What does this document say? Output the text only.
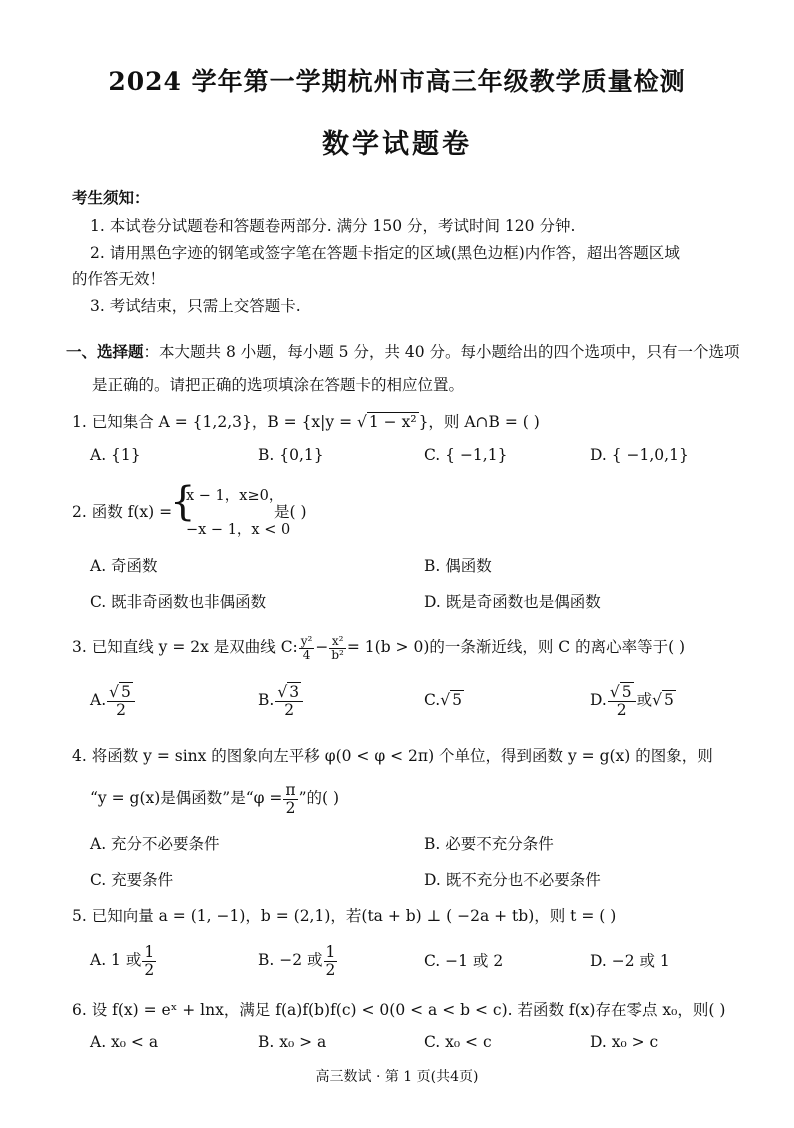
2024 学年第一学期杭州市高三年级教学质量检测
数学试题卷
考生须知：
1. 本试卷分试题卷和答题卷两部分. 满分 150 分，考试时间 120 分钟.
2. 请用黑色字迹的钢笔或签字笔在答题卡指定的区域(黑色边框)内作答，超出答题区域
的作答无效！
3. 考试结束，只需上交答题卡.
一、选择题：本大题共 8 小题，每小题 5 分，共 40 分。每小题给出的四个选项中，只有一个选项
是正确的。请把正确的选项填涂在答题卡的相应位置。
1. 已知集合 A = {1,2,3}，B = {x|y = √ 1 − x² }，则 A∩B = ( )
A. {1}	B. {0,1}	C. { −1,1}	D. { −1,0,1}
2. 函数 f(x) =
{
x − 1，x≥0，
−x − 1，x < 0
是( )
A. 奇函数	B. 偶函数
C. 既非奇函数也非偶函数	D. 既是奇函数也是偶函数
3. 已知直线 y = 2x 是双曲线 C: $\frac{\text{y²}}{4} - \frac{\text{x²}}{\text{b²}} = 1(b > 0)$的一条渐近线，则 C 的离心率等于( )
A. $\frac{√ 5}{2}$	B. $\frac{√ 3}{2}$	C.√ 5	D. $\frac{√ 5}{2}$ 或√ 5
4. 将函数 y = sinx 的图象向左平移 φ(0 < φ < 2π) 个单位，得到函数 y = g(x) 的图象，则
“y = g(x)是偶函数”是“$\varphi = \frac{\pi}{2}$ ”的( )
A. 充分不必要条件	B. 必要不充分条件
C. 充要条件	D. 既不充分也不必要条件
5. 已知向量 a = (1, −1)，b = (2,1)，若(ta + b) ⊥ ( −2a + tb)，则 t = ( )
A. 1 或 $\frac{1}{2}$	B. −2 或 $\frac{1}{2}$	C. −1 或 2	D. −2 或 1
6. 设 f(x) = eˣ + lnx，满足 f(a)f(b)f(c) < 0(0 < a < b < c). 若函数 f(x)存在零点 x₀，则( )
A. x₀ < a	B. x₀ > a	C. x₀ < c	D. x₀ > c
高三数试 · 第 1 页(共4页)
